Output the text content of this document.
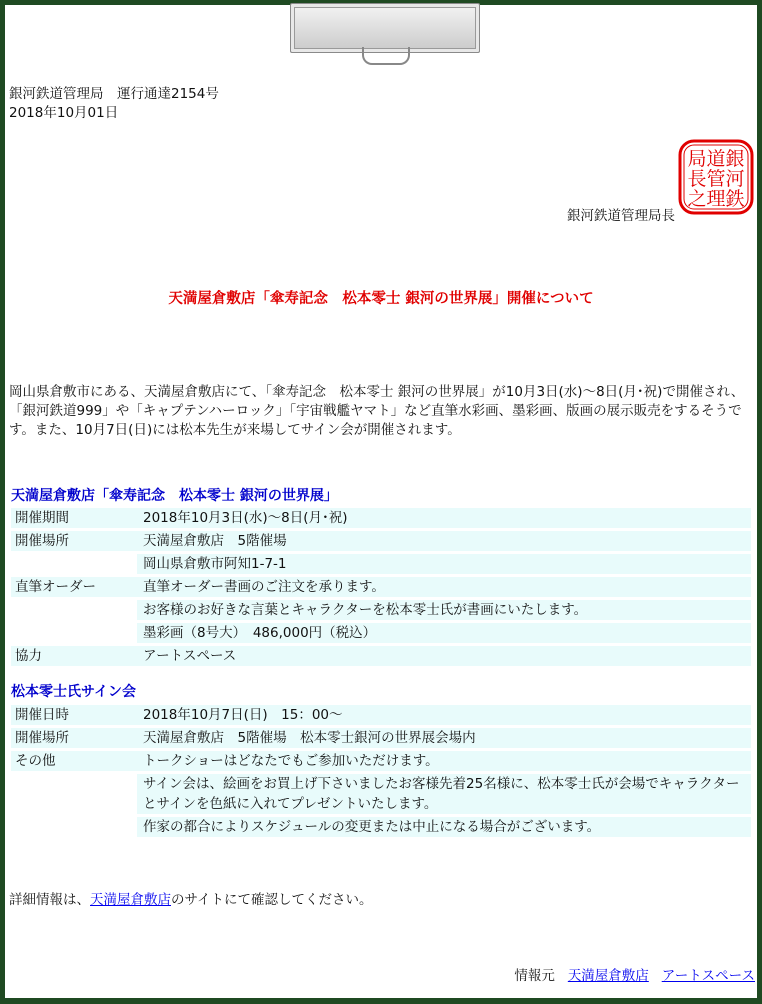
銀河鉄道管理局　運行通達2154号
2018年10月01日
銀
河
鉄
道
管
理
局
長
之
銀河鉄道管理局長
天満屋倉敷店「傘寿記念　松本零士 銀河の世界展」開催について
岡山県倉敷市にある、天満屋倉敷店にて、「傘寿記念　松本零士 銀河の世界展」が10月3日(水)～8日(月･祝)で開催され、「銀河鉄道999」や「キャプテンハーロック」「宇宙戦艦ヤマト」など直筆水彩画、墨彩画、版画の展示販売をするそうです。また、10月7日(日)には松本先生が来場してサイン会が開催されます。
天満屋倉敷店「傘寿記念　松本零士 銀河の世界展」
開催期間	2018年10月3日(水)～8日(月･祝)
開催場所	天満屋倉敷店　5階催場
	岡山県倉敷市阿知1-7-1
直筆オーダー	直筆オーダー書画のご注文を承ります。
	お客様のお好きな言葉とキャラクターを松本零士氏が書画にいたします。
	墨彩画（8号大）　486,000円（税込）
協力	アートスペース
松本零士氏サイン会
開催日時	2018年10月7日(日)　15：00～
開催場所	天満屋倉敷店　5階催場　松本零士銀河の世界展会場内
その他	トークショーはどなたでもご参加いただけます。
	サイン会は、絵画をお買上げ下さいましたお客様先着25名様に、松本零士氏が会場でキャラクターとサインを色紙に入れてプレゼントいたします。
	作家の都合によりスケジュールの変更または中止になる場合がございます。
詳細情報は、天満屋倉敷店のサイトにて確認してください。
情報元 天満屋倉敷店 アートスペース
